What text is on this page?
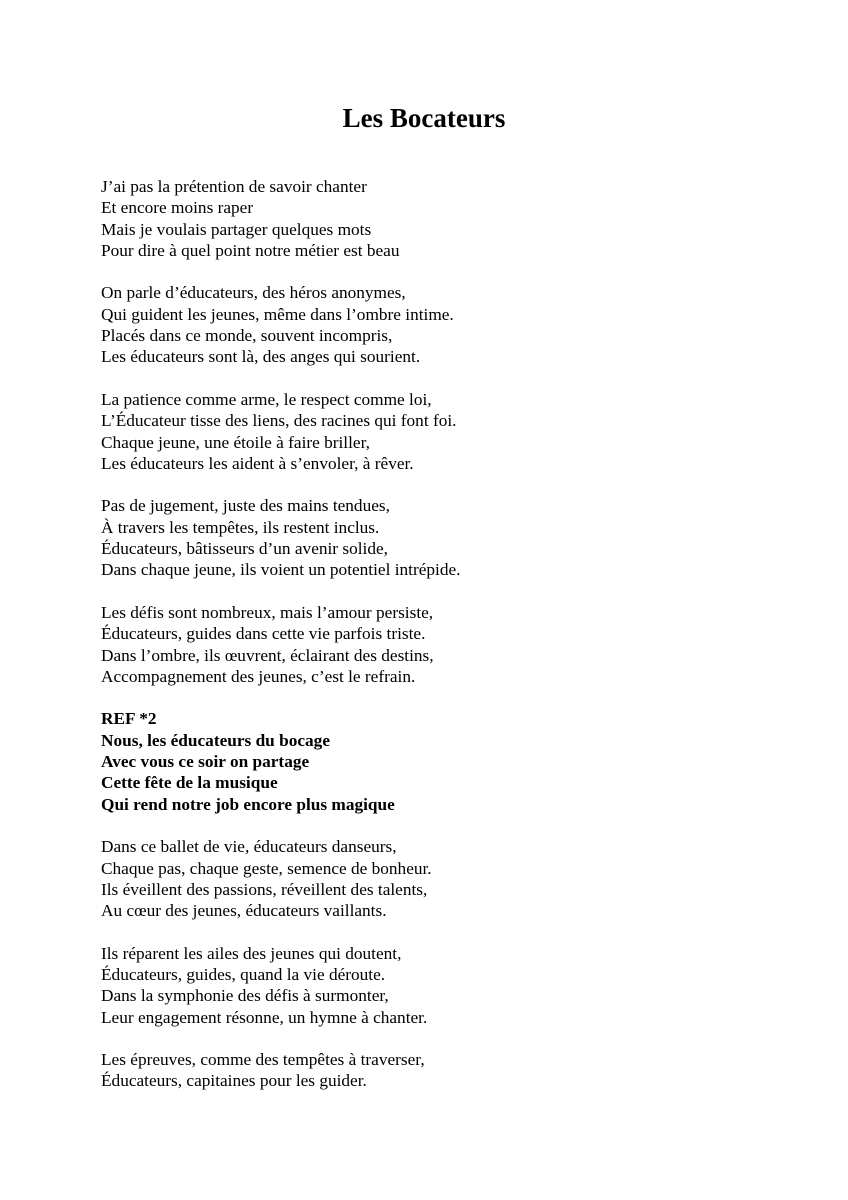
Les Bocateurs
J’ai pas la prétention de savoir chanter
Et encore moins raper
Mais je voulais partager quelques mots
Pour dire à quel point notre métier est beau
On parle d’éducateurs, des héros anonymes,
Qui guident les jeunes, même dans l’ombre intime.
Placés dans ce monde, souvent incompris,
Les éducateurs sont là, des anges qui sourient.
La patience comme arme, le respect comme loi,
L’Éducateur tisse des liens, des racines qui font foi.
Chaque jeune, une étoile à faire briller,
Les éducateurs les aident à s’envoler, à rêver.
Pas de jugement, juste des mains tendues,
À travers les tempêtes, ils restent inclus.
Éducateurs, bâtisseurs d’un avenir solide,
Dans chaque jeune, ils voient un potentiel intrépide.
Les défis sont nombreux, mais l’amour persiste,
Éducateurs, guides dans cette vie parfois triste.
Dans l’ombre, ils œuvrent, éclairant des destins,
Accompagnement des jeunes, c’est le refrain.
REF *2
Nous, les éducateurs du bocage
Avec vous ce soir on partage
Cette fête de la musique
Qui rend notre job encore plus magique
Dans ce ballet de vie, éducateurs danseurs,
Chaque pas, chaque geste, semence de bonheur.
Ils éveillent des passions, réveillent des talents,
Au cœur des jeunes, éducateurs vaillants.
Ils réparent les ailes des jeunes qui doutent,
Éducateurs, guides, quand la vie déroute.
Dans la symphonie des défis à surmonter,
Leur engagement résonne, un hymne à chanter.
Les épreuves, comme des tempêtes à traverser,
Éducateurs, capitaines pour les guider.
